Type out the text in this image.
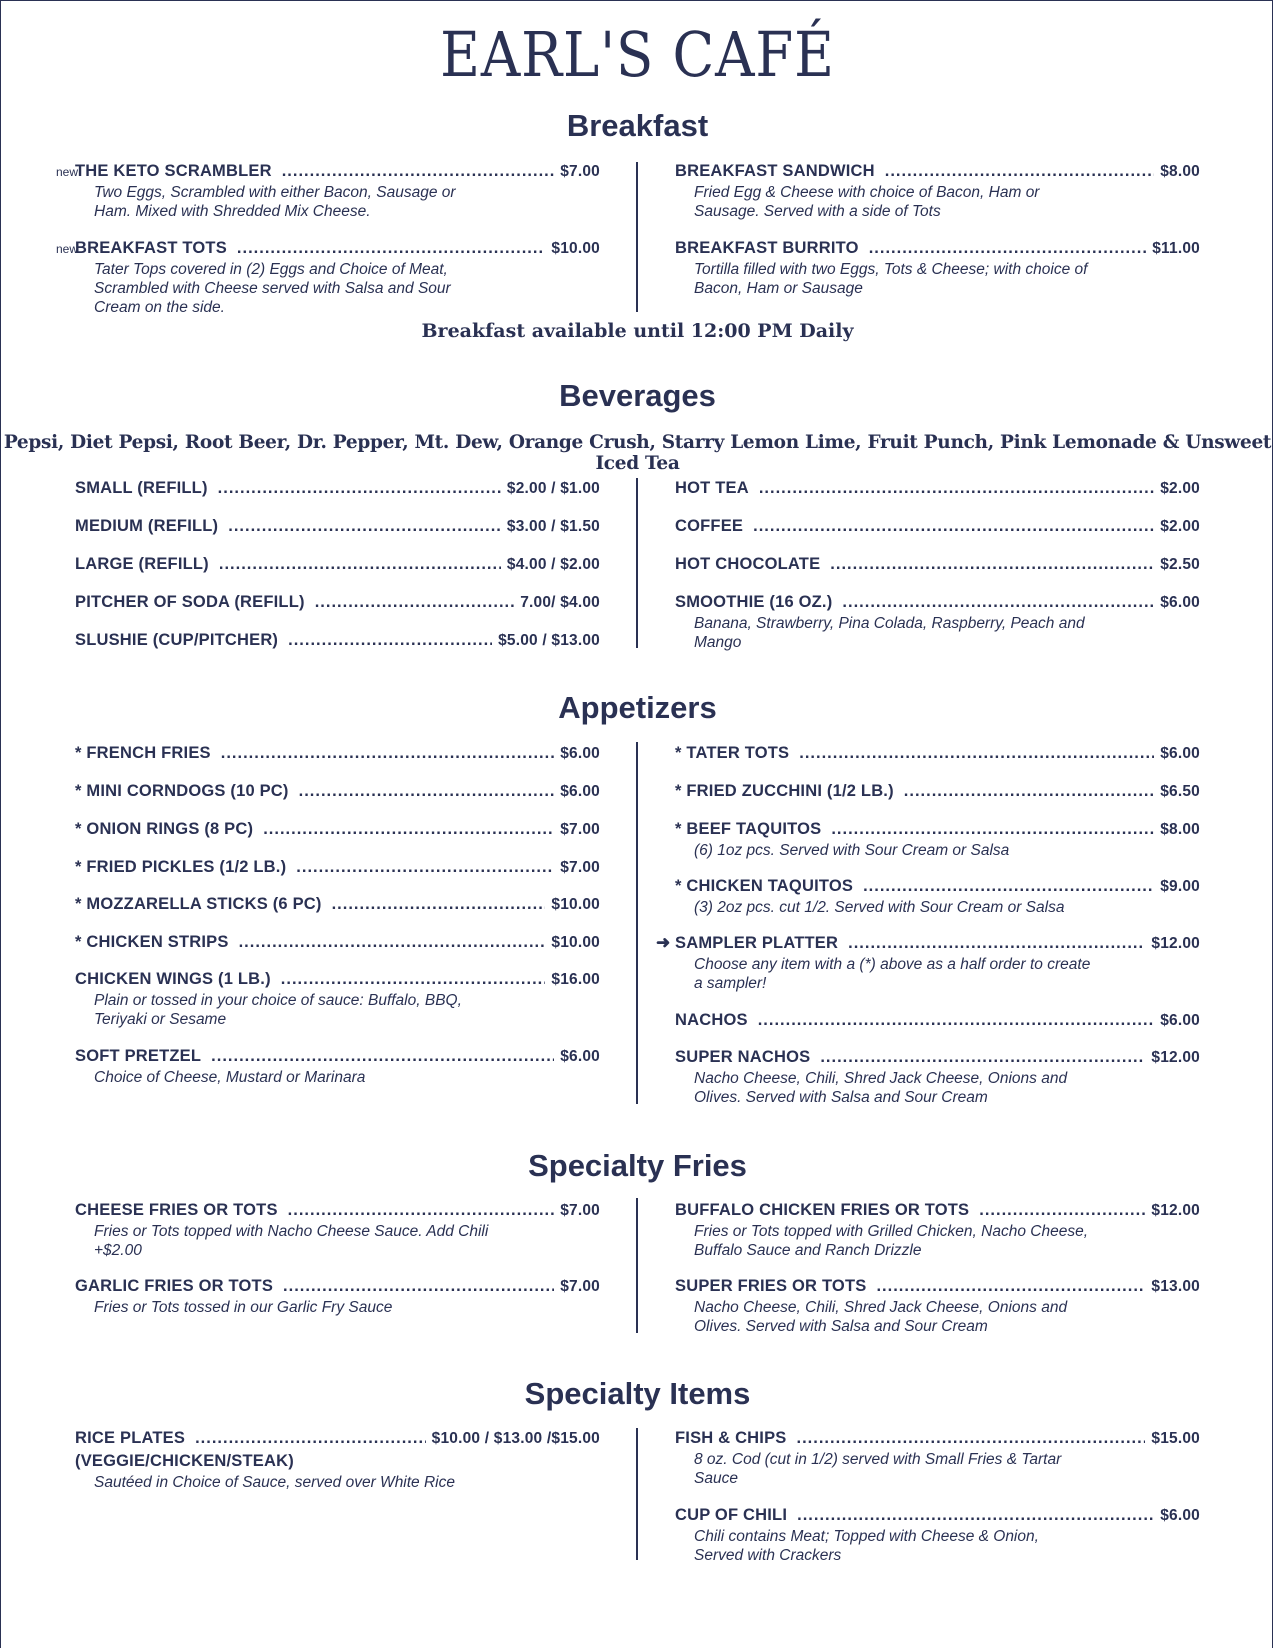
EARL'S CAFÉ
Breakfast
new
THE KETO SCRAMBLER .....	$7.00
Two Eggs, Scrambled with either Bacon, Sausage or
Ham. Mixed with Shredded Mix Cheese.
new
BREAKFAST TOTS .....	$10.00
Tater Tops covered in (2) Eggs and Choice of Meat,
Scrambled with Cheese served with Salsa and Sour
Cream on the side.
BREAKFAST SANDWICH .....	$8.00
Fried Egg & Cheese with choice of Bacon, Ham or
Sausage. Served with a side of Tots
BREAKFAST BURRITO .....	$11.00
Tortilla filled with two Eggs, Tots & Cheese; with choice of
Bacon, Ham or Sausage
Breakfast available until 12:00 PM Daily
Beverages
Pepsi, Diet Pepsi, Root Beer, Dr. Pepper, Mt. Dew, Orange Crush, Starry Lemon Lime, Fruit Punch, Pink Lemonade & Unsweet Iced Tea
SMALL (REFILL) .....	$2.00 / $1.00
MEDIUM (REFILL) .....	$3.00 / $1.50
LARGE (REFILL) .....	$4.00 / $2.00
PITCHER OF SODA (REFILL) .....	7.00/ $4.00
SLUSHIE (CUP/PITCHER) .....	$5.00 / $13.00
HOT TEA .....	$2.00
COFFEE .....	$2.00
HOT CHOCOLATE .....	$2.50
SMOOTHIE (16 OZ.) .....	$6.00
Banana, Strawberry, Pina Colada, Raspberry, Peach and
Mango
Appetizers
* FRENCH FRIES .....	$6.00
* MINI CORNDOGS (10 PC) .....	$6.00
* ONION RINGS (8 PC) .....	$7.00
* FRIED PICKLES (1/2 LB.) .....	$7.00
* MOZZARELLA STICKS (6 PC) .....	$10.00
* CHICKEN STRIPS .....	$10.00
CHICKEN WINGS (1 LB.) .....	$16.00
Plain or tossed in your choice of sauce: Buffalo, BBQ,
Teriyaki or Sesame
SOFT PRETZEL .....	$6.00
Choice of Cheese, Mustard or Marinara
* TATER TOTS .....	$6.00
* FRIED ZUCCHINI (1/2 LB.) .....	$6.50
* BEEF TAQUITOS .....	$8.00
(6) 1oz pcs. Served with Sour Cream or Salsa
* CHICKEN TAQUITOS .....	$9.00
(3) 2oz pcs. cut 1/2. Served with Sour Cream or Salsa
➜ SAMPLER PLATTER .....	$12.00
Choose any item with a (*) above as a half order to create
a sampler!
NACHOS .....	$6.00
SUPER NACHOS .....	$12.00
Nacho Cheese, Chili, Shred Jack Cheese, Onions and
Olives. Served with Salsa and Sour Cream
Specialty Fries
CHEESE FRIES OR TOTS .....	$7.00
Fries or Tots topped with Nacho Cheese Sauce. Add Chili
+$2.00
GARLIC FRIES OR TOTS .....	$7.00
Fries or Tots tossed in our Garlic Fry Sauce
BUFFALO CHICKEN FRIES OR TOTS .....	$12.00
Fries or Tots topped with Grilled Chicken, Nacho Cheese,
Buffalo Sauce and Ranch Drizzle
SUPER FRIES OR TOTS .....	$13.00
Nacho Cheese, Chili, Shred Jack Cheese, Onions and
Olives. Served with Salsa and Sour Cream
Specialty Items
RICE PLATES .....	$10.00 / $13.00 /$15.00
(VEGGIE/CHICKEN/STEAK)
Sautéed in Choice of Sauce, served over White Rice
FISH & CHIPS .....	$15.00
8 oz. Cod (cut in 1/2) served with Small Fries & Tartar
Sauce
CUP OF CHILI .....	$6.00
Chili contains Meat; Topped with Cheese & Onion,
Served with Crackers
